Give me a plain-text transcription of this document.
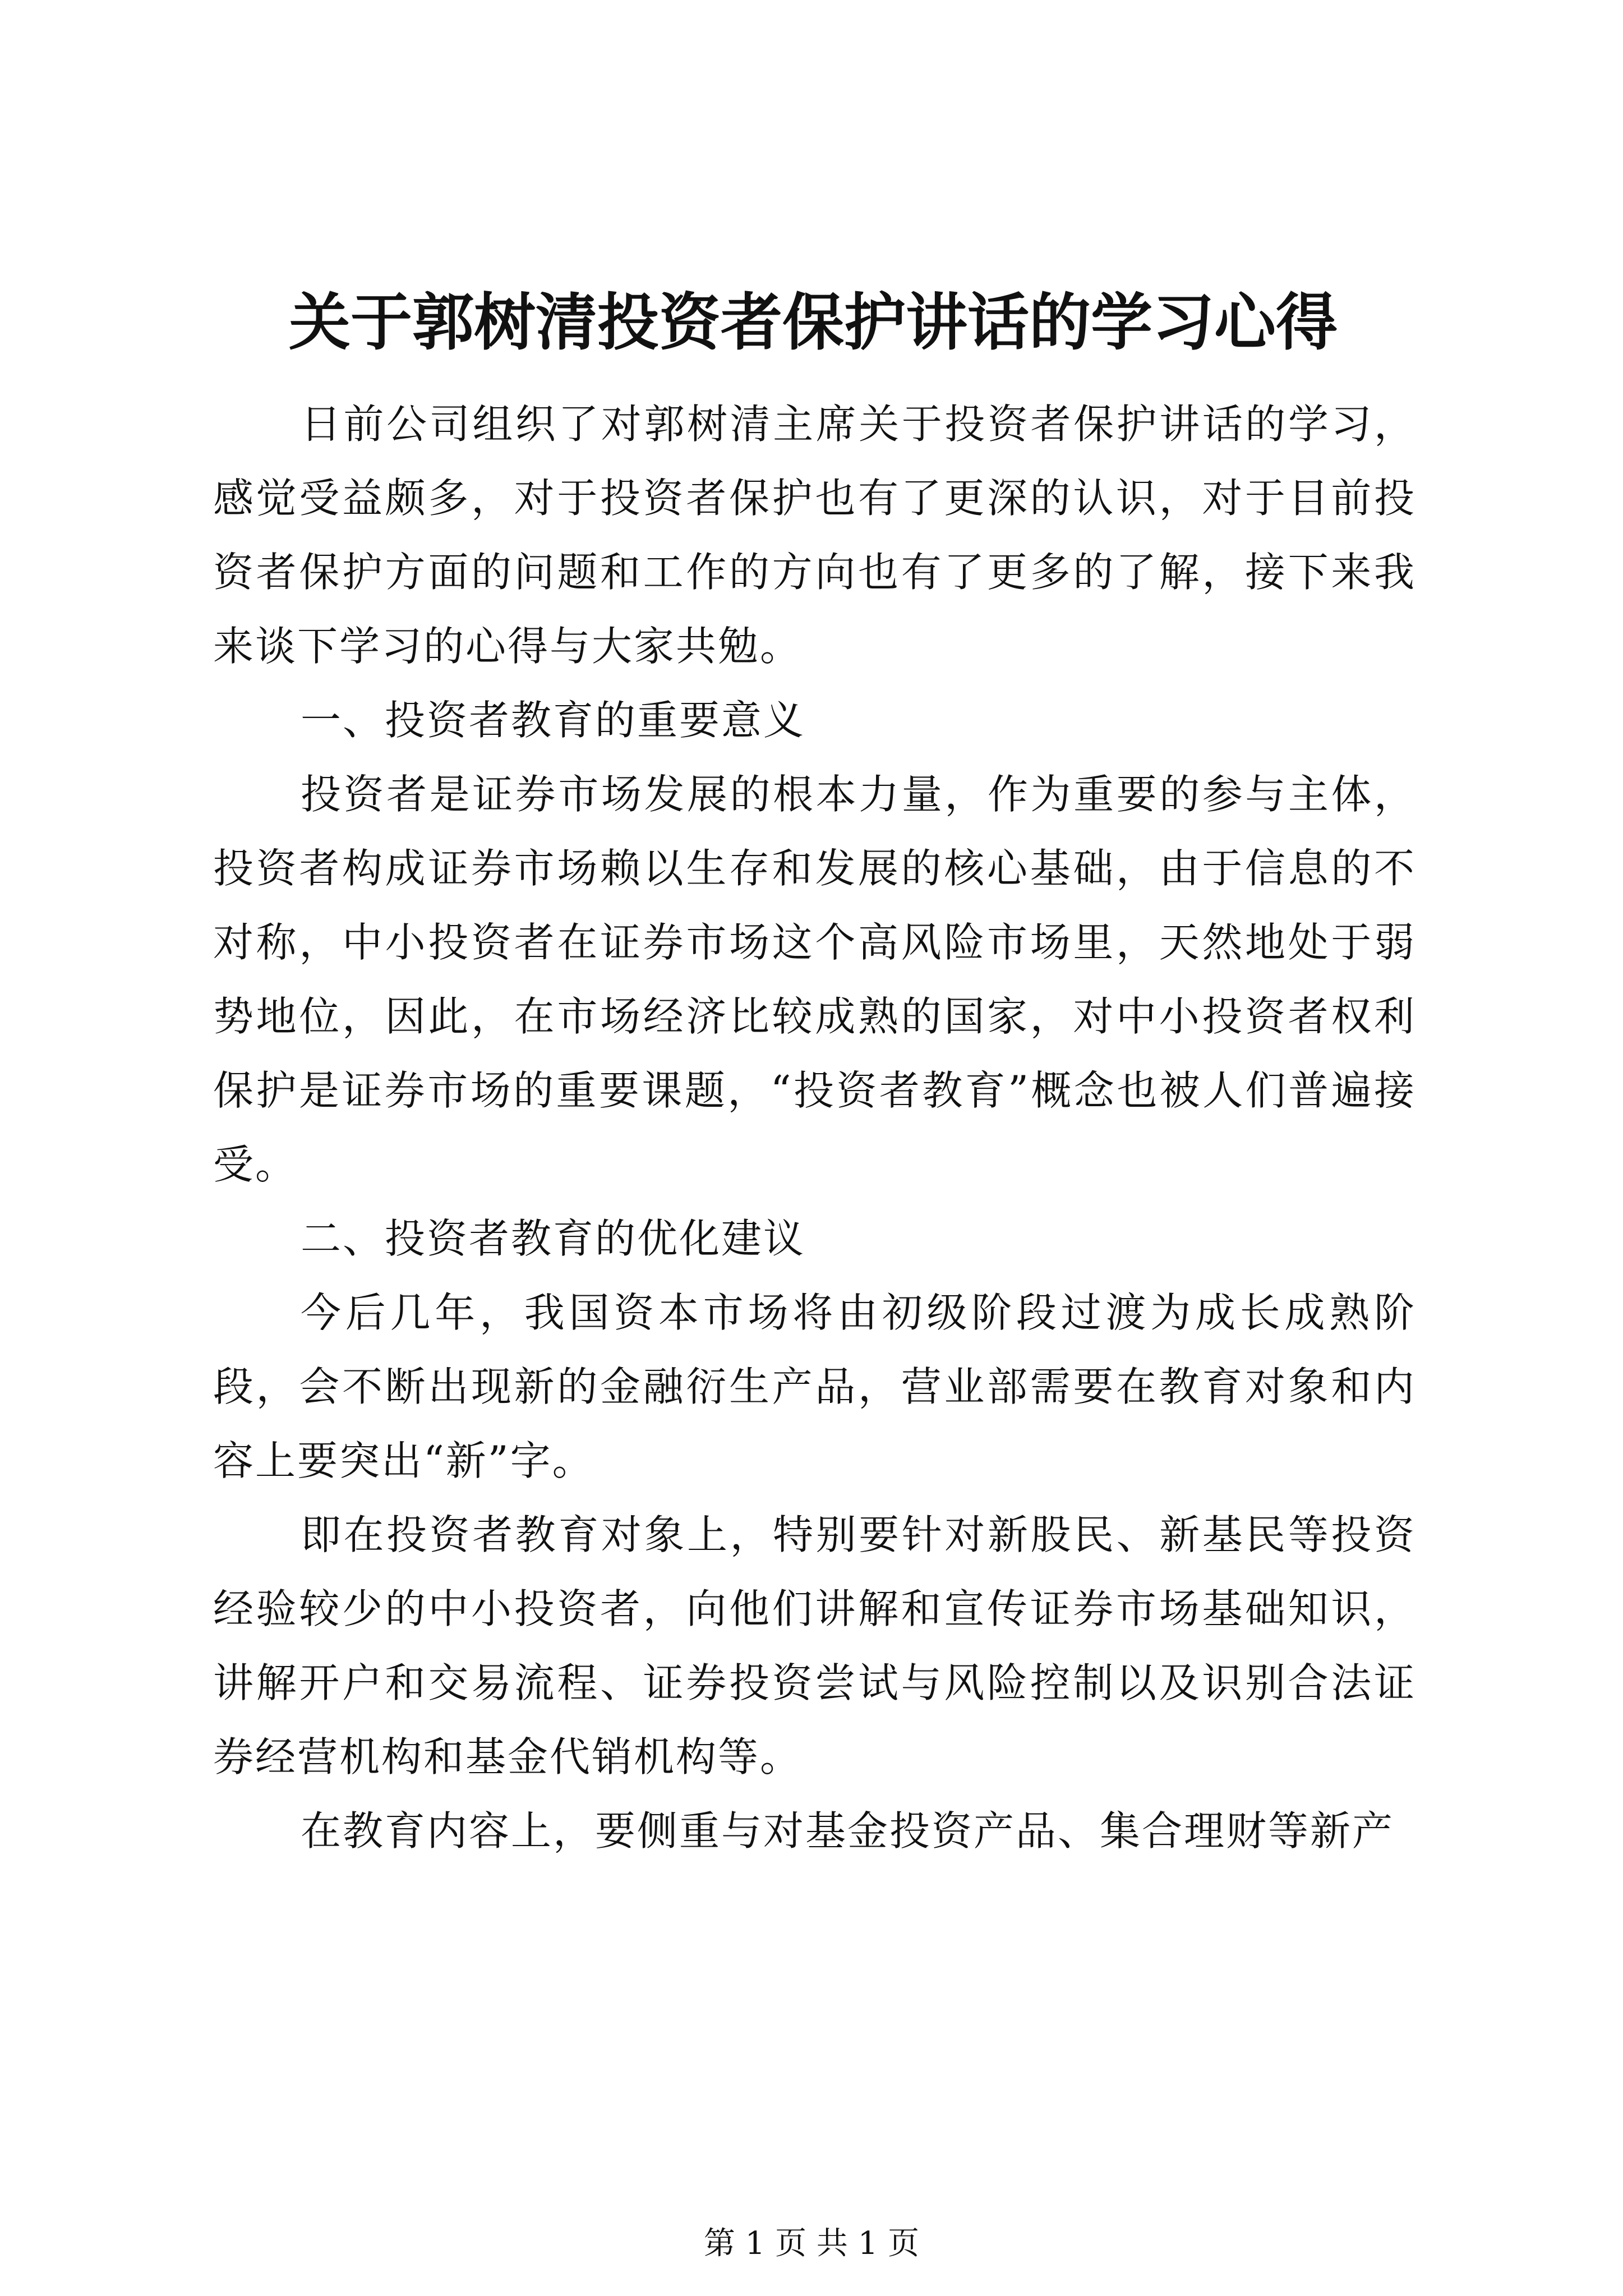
关于郭树清投资者保护讲话的学习心得

日前公司组织了对郭树清主席关于投资者保护讲话的学习，感觉受益颇多，对于投资者保护也有了更深的认识，对于目前投资者保护方面的问题和工作的方向也有了更多的了解，接下来我来谈下学习的心得与大家共勉。

一、投资者教育的重要意义

投资者是证券市场发展的根本力量，作为重要的参与主体，投资者构成证券市场赖以生存和发展的核心基础，由于信息的不对称，中小投资者在证券市场这个高风险市场里，天然地处于弱势地位，因此，在市场经济比较成熟的国家，对中小投资者权利保护是证券市场的重要课题，“投资者教育”概念也被人们普遍接受。

二、投资者教育的优化建议

今后几年，我国资本市场将由初级阶段过渡为成长成熟阶段，会不断出现新的金融衍生产品，营业部需要在教育对象和内容上要突出“新”字。

即在投资者教育对象上，特别要针对新股民、新基民等投资经验较少的中小投资者，向他们讲解和宣传证券市场基础知识，讲解开户和交易流程、证券投资尝试与风险控制以及识别合法证券经营机构和基金代销机构等。

在教育内容上，要侧重与对基金投资产品、集合理财等新产

第 1 页 共 1 页
